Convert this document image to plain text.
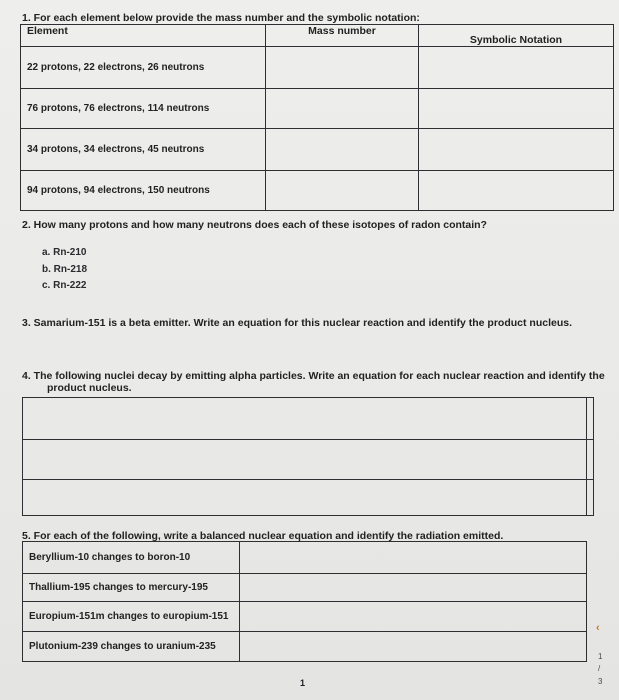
1. For each element below provide the mass number and the symbolic notation:
Element	Mass number	Symbolic Notation
22 protons, 22 electrons, 26 neutrons		
76 protons, 76 electrons, 114 neutrons		
34 protons, 34 electrons, 45 neutrons		
94 protons, 94 electrons, 150 neutrons		
2. How many protons and how many neutrons does each of these isotopes of radon contain?
a. Rn-210
b. Rn-218
c. Rn-222
3. Samarium-151 is a beta emitter. Write an equation for this nuclear reaction and identify the product nucleus.
4. The following nuclei decay by emitting alpha particles. Write an equation for each nuclear reaction and identify the
product nucleus.

5. For each of the following, write a balanced nuclear equation and identify the radiation emitted.
Beryllium-10 changes to boron-10	
Thallium-195 changes to mercury-195	
Europium-151m changes to europium-151	
Plutonium-239 changes to uranium-235	
1
‹
1
/
3
